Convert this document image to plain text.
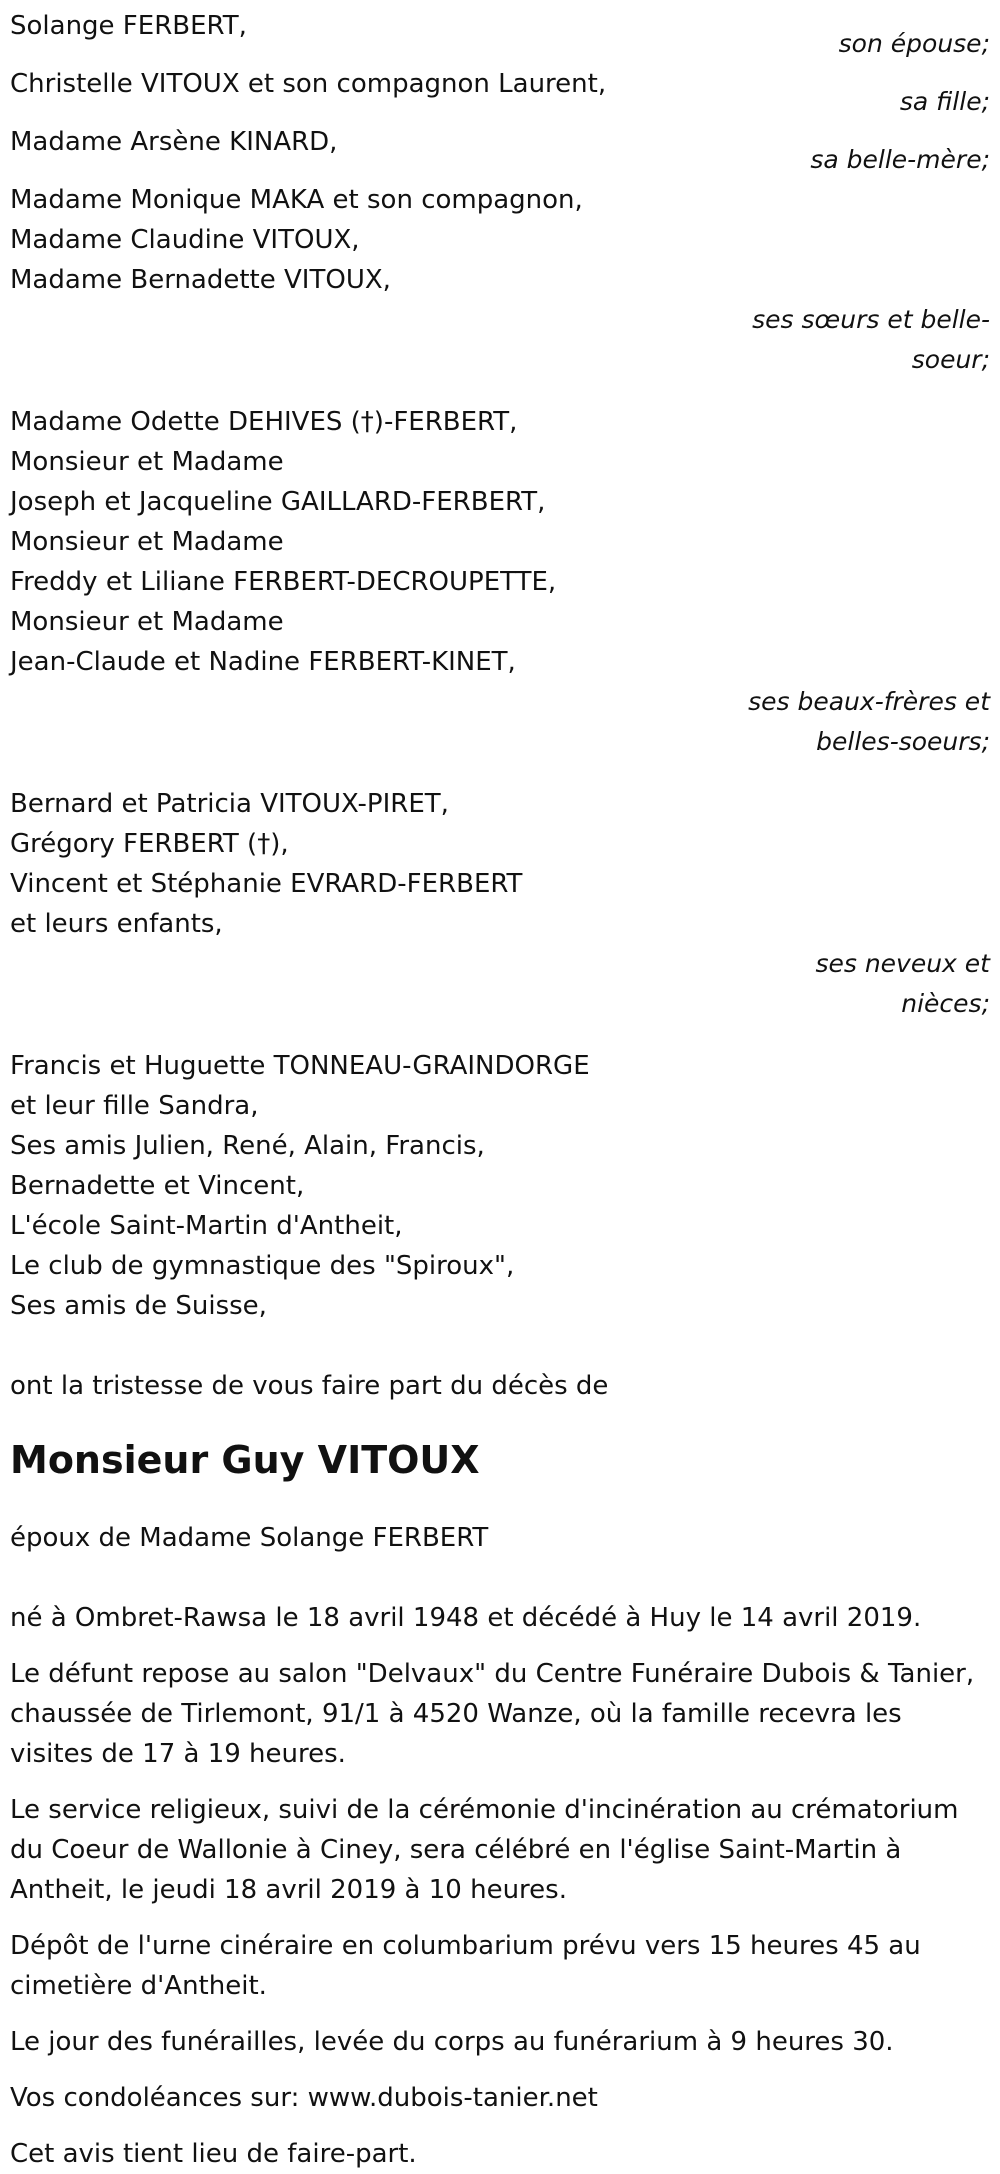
Solange FERBERT,
son épouse;
Christelle VITOUX et son compagnon Laurent,
sa fille;
Madame Arsène KINARD,
sa belle-mère;
Madame Monique MAKA et son compagnon,
Madame Claudine VITOUX,
Madame Bernadette VITOUX,
ses sœurs et belle-
soeur;
Madame Odette DEHIVES (†)-FERBERT,
Monsieur et Madame
Joseph et Jacqueline GAILLARD-FERBERT,
Monsieur et Madame
Freddy et Liliane FERBERT-DECROUPETTE,
Monsieur et Madame
Jean-Claude et Nadine FERBERT-KINET,
ses beaux-frères et
belles-soeurs;
Bernard et Patricia VITOUX-PIRET,
Grégory FERBERT (†),
Vincent et Stéphanie EVRARD-FERBERT
et leurs enfants,
ses neveux et
nièces;
Francis et Huguette TONNEAU-GRAINDORGE
et leur fille Sandra,
Ses amis Julien, René, Alain, Francis,
Bernadette et Vincent,
L'école Saint-Martin d'Antheit,
Le club de gymnastique des "Spiroux",
Ses amis de Suisse,
ont la tristesse de vous faire part du décès de
Monsieur Guy VITOUX
époux de Madame Solange FERBERT
né à Ombret-Rawsa le 18 avril 1948 et décédé à Huy le 14 avril 2019.
Le défunt repose au salon "Delvaux" du Centre Funéraire Dubois & Tanier, chaussée de Tirlemont, 91/1 à 4520 Wanze, où la famille recevra les visites de 17 à 19 heures.
Le service religieux, suivi de la cérémonie d'incinération au crématorium du Coeur de Wallonie à Ciney, sera célébré en l'église Saint-Martin à Antheit, le jeudi 18 avril 2019 à 10 heures.
Dépôt de l'urne cinéraire en columbarium prévu vers 15 heures 45 au cimetière d'Antheit.
Le jour des funérailles, levée du corps au funérarium à 9 heures 30.
Vos condoléances sur: www.dubois-tanier.net
Cet avis tient lieu de faire-part.
